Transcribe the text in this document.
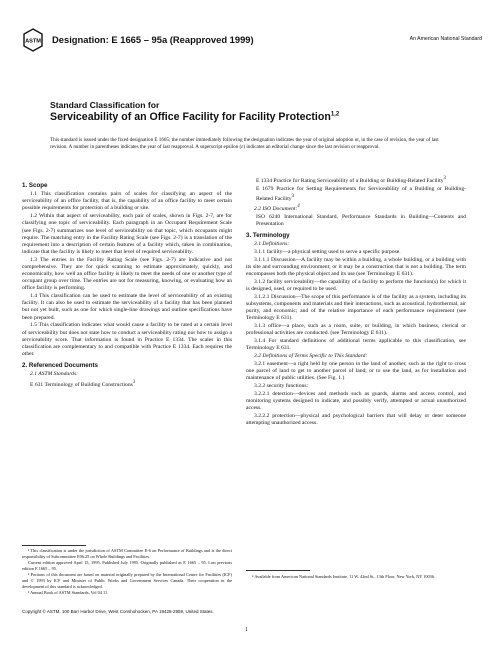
ASTM Designation: E 1665 – 95a (Reapproved 1999)	An American National Standard
Standard Classification for
Serviceability of an Office Facility for Facility Protection$^{1,2}$
This standard is issued under the fixed designation E 1665; the number immediately following the designation indicates the year of original adoption or, in the case of revision, the year of last revision. A number in parentheses indicates the year of last reapproval. A superscript epsilon (ε) indicates an editorial change since the last revision or reapproval.
1. Scope

1.1 This classification contains pairs of scales for classifying an aspect of the serviceability of an office facility, that is, the capability of an office facility to meet certain possible requirements for protection of a building or site.

1.2 Within that aspect of serviceability, each pair of scales, shown in Figs. 2-7, are for classifying one topic of serviceability. Each paragraph in an Occupant Requirement Scale (see Figs. 2-7) summarizes one level of serviceability on that topic, which occupants might require. The matching entry in the Facility Rating Scale (see Figs. 2-7) is a translation of the requirement into a description of certain features of a facility which, taken in combination, indicate that the facility is likely to meet that level of required serviceability.

1.3 The entries in the Facility Rating Scale (see Figs. 2-7) are indicative and not comprehensive. They are for quick scanning to estimate approximately, quickly, and economically, how well an office facility is likely to meet the needs of one or another type of occupant group over time. The entries are not for measuring, knowing, or evaluating how an office facility is performing.

1.4 This classification can be used to estimate the level of serviceability of an existing facility. It can also be used to estimate the serviceability of a facility that has been planned but not yet built, such as one for which single-line drawings and outline specifications have been prepared.

1.5 This classification indicates what would cause a facility to be rated at a certain level of serviceability but does not state how to conduct a serviceability rating nor how to assign a serviceability score. That information is found in Practice E 1334. The scales in this classification are complementary to and compatible with Practice E 1334. Each requires the other.

2. Referenced Documents

2.1 ASTM Standards:

E 631 Terminology of Building Constructions$^3$

¹ This classification is under the jurisdiction of ASTM Committee E-6 on Performance of Buildings and is the direct responsibility of Subcommittee E06.25 on Whole Buildings and Facilities.

Current edition approved April 15, 1995. Published July 1995. Originally published as E 1665 – 95. Last previous edition E 1665 – 95.

² Portions of this document are based on material originally prepared by the International Centre for Facilities (ICF) and © 1993 by ICF and Minister of Public Works and Government Services Canada. Their cooperation in the development of this standard is acknowledged.

³ Annual Book of ASTM Standards, Vol 04.11.

E 1334 Practice for Rating Serviceability of a Building or Building-Related Facility$^3$

E 1679 Practice for Setting Requirements for Serviceability of a Building or Building-Related Facility$^3$

2.2 ISO Document:$^4$

ISO 6240 International Standard, Performance Standards in Building—Contents and Presentation

3. Terminology

3.1 Definitions:

3.1.1 facility—a physical setting used to serve a specific purpose.

3.1.1.1 Discussion—A facility may be within a building, a whole building, or a building with its site and surrounding environment; or it may be a construction that is not a building. The term encompasses both the physical object and its use (see Terminology E 631).

3.1.2 facility serviceability—the capability of a facility to perform the function(s) for which it is designed, used, or required to be used.

3.1.2.1 Discussion—The scope of this performance is of the facility as a system, including its subsystems, components and materials and their interactions, such as acoustical, hydrothermal, air purity, and economic; and of the relative importance of each performance requirement (see Terminology E 631).

3.1.3 office—a place, such as a room, suite, or building, in which business, clerical or professional activities are conducted. (see Terminology E 631).

3.1.4 For standard definitions of additional terms applicable to this classification, see Terminology E 631.

3.2 Definitions of Terms Specific to This Standard:

3.2.1 easement—a right held by one person in the land of another, such as the right to cross one parcel of land to get to another parcel of land; or to use the land, as for installation and maintenance of public utilities. (See Fig. 1.)

3.2.2 security functions:

3.2.2.1 detection—devices and methods such as guards, alarms and access control, and monitoring systems designed to indicate, and possibly verify, attempted or actual unauthorized access.

3.2.2.2 protection—physical and psychological barriers that will delay or deter someone attempting unauthorized access.

⁴ Available from American National Standards Institute, 11 W. 42nd St., 13th Floor, New York, NY 10036.

Copyright © ASTM, 100 Barr Harbor Drive, West Conshohocken, PA 19428-2959, United States.
1
